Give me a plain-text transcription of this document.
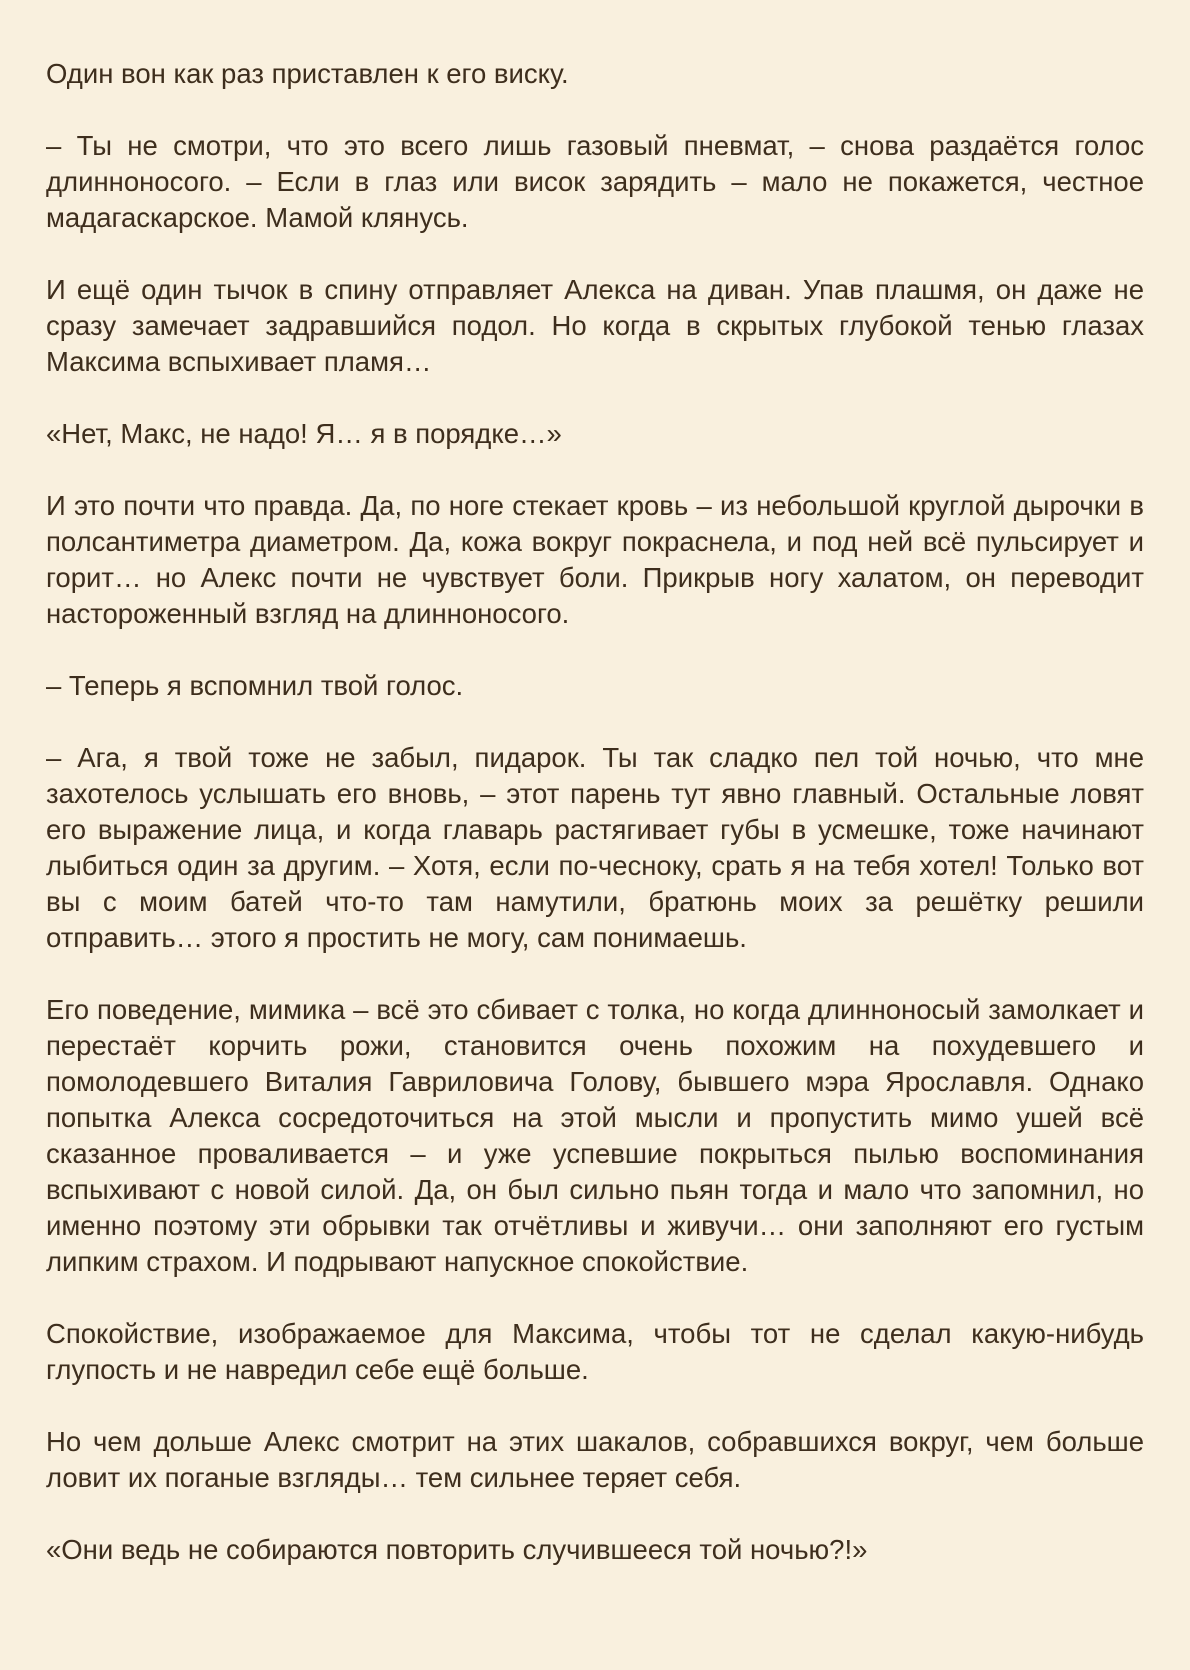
Один вон как раз приставлен к его виску.

– Ты не смотри, что это всего лишь газовый пневмат, – снова раздаётся голос длинноносого. – Если в глаз или висок зарядить – мало не покажется, честное мадагаскарское. Мамой клянусь.

И ещё один тычок в спину отправляет Алекса на диван. Упав плашмя, он даже не сразу замечает задравшийся подол. Но когда в скрытых глубокой тенью глазах Максима вспыхивает пламя…

«Нет, Макс, не надо! Я… я в порядке…»

И это почти что правда. Да, по ноге стекает кровь – из небольшой круглой дырочки в полсантиметра диаметром. Да, кожа вокруг покраснела, и под ней всё пульсирует и горит… но Алекс почти не чувствует боли. Прикрыв ногу халатом, он переводит настороженный взгляд на длинноносого.

– Теперь я вспомнил твой голос.

– Ага, я твой тоже не забыл, пидарок. Ты так сладко пел той ночью, что мне захотелось услышать его вновь, – этот парень тут явно главный. Остальные ловят его выражение лица, и когда главарь растягивает губы в усмешке, тоже начинают лыбиться один за другим. – Хотя, если по-чесноку, срать я на тебя хотел! Только вот вы с моим батей что-то там намутили, братюнь моих за решётку решили отправить… этого я простить не могу, сам понимаешь.

Его поведение, мимика – всё это сбивает с толка, но когда длинноносый замолкает и перестаёт корчить рожи, становится очень похожим на похудевшего и помолодевшего Виталия Гавриловича Голову, бывшего мэра Ярославля. Однако попытка Алекса сосредоточиться на этой мысли и пропустить мимо ушей всё сказанное проваливается – и уже успевшие покрыться пылью воспоминания вспыхивают с новой силой. Да, он был сильно пьян тогда и мало что запомнил, но именно поэтому эти обрывки так отчётливы и живучи… они заполняют его густым липким страхом. И подрывают напускное спокойствие.

Спокойствие, изображаемое для Максима, чтобы тот не сделал какую-нибудь глупость и не навредил себе ещё больше.

Но чем дольше Алекс смотрит на этих шакалов, собравшихся вокруг, чем больше ловит их поганые взгляды… тем сильнее теряет себя.

«Они ведь не собираются повторить случившееся той ночью?!»
